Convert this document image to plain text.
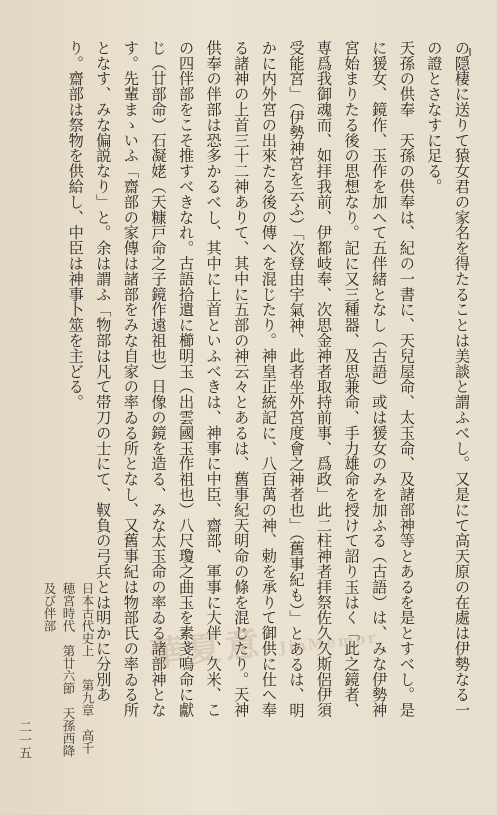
の隠棲に送りて猿女君の家名を得たることは美談と謂ふべし。又是にて高天原の在處は伊勢なる一の證とさなすに足る。

天孫の供奉　天孫の供奉は、紀の一書に、天兒屋命、太玉命、及諸部神等とあるを是とすべし。是に猨女、鏡作、玉作を加へて五伴緒となし（古語）或は猨女のみを加ふる（古語）は、みな伊勢神宮始まりたる後の思想なり。記に又三種器、及思兼命、手力雄命を授けて詔り玉はく「此之鏡者、専爲我御魂而、如拝我前、伊都岐奉、次思金神者取持前事、爲政」此二柱神者拝祭佐久久斯侶伊須受能宮」（伊勢神宮を云ふ）「次登由宇氣神、此者坐外宮度會之神者也」（舊事紀も）」とあるは、明かに内外宮の出來たる後の傳へを混じたり。神皇正統記に、八百萬の神、勅を承りて御供に仕へ奉る諸神の上首三十二神ありて、其中に五部の神云々とあるは、舊事紀天明命の條を混じたり。天神供奉の伴部は恐多かるべし、其中に上首といふべきは、神事に中臣、齋部、軍事に大伴、久米、この四伴部をこそ推すべきなれ。古語拾遺に櫛明玉（出雲國玉作祖也）八尺瓊之曲玉を素戔嗚命に獻じ（廿部命）石凝姥（天糠戸命之子鏡作遠祖也）日像の鏡を造る、みな太玉命の率ゐる諸部神となす。先輩まゝいふ「齋部の家傳は諸部をみな自家の率ゐる所となし、又舊事紀は物部氏の率ゐる所となす、みな偏説なり」と。余は謂ふ「物部は凡て帯刀の士にて、靫負の弓兵とは明かに分別あり。齋部は祭物を供給し、中臣は神事卜筮を主どる。

日本古代史上第九章　高千穂宮時代　第廿六節　天孫西降及び伴部
二一五
華夏意 JiaMemor
